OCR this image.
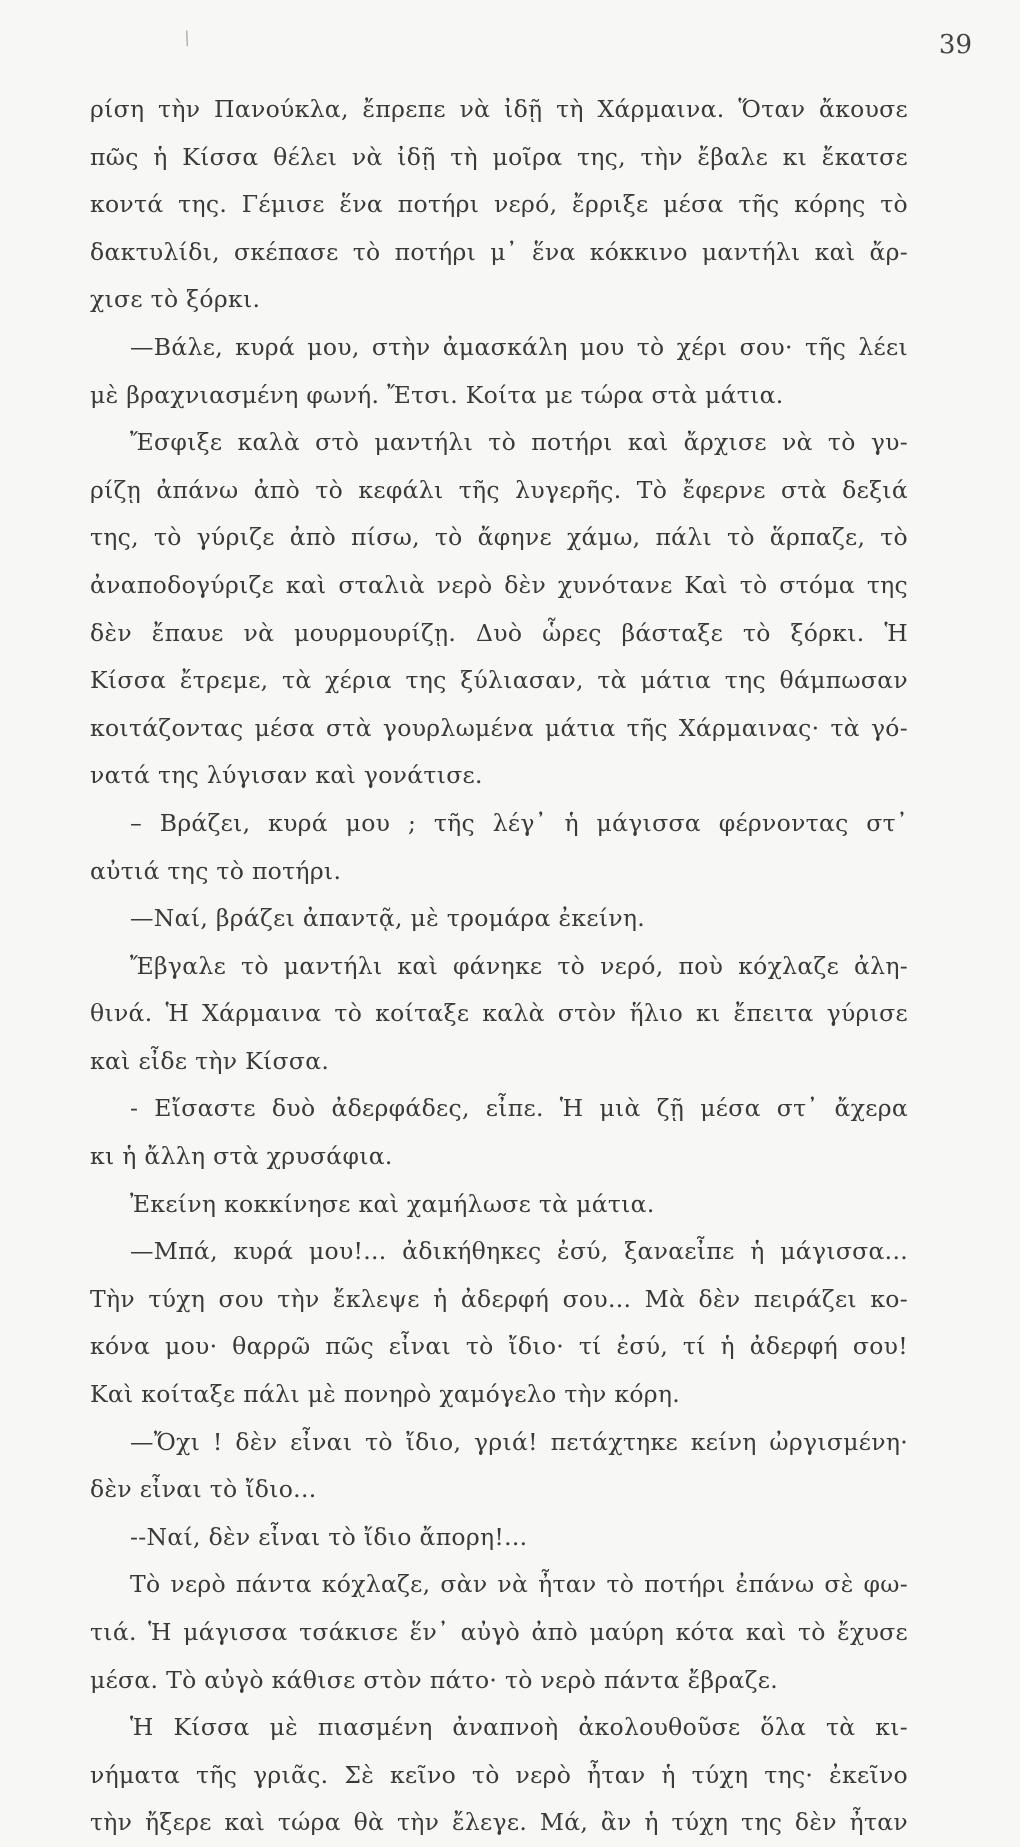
/	39
ρίση τὴν Πανούκλα, ἔπρεπε νὰ ἰδῇ τὴ Χάρμαινα. Ὅταν ἄκουσε
πῶς ἡ Κίσσα θέλει νὰ ἰδῇ τὴ μοῖρα της, τὴν ἔβαλε κι ἔκατσε
κοντά της. Γέμισε ἕνα ποτήρι νερό, ἔρριξε μέσα τῆς κόρης τὸ
δακτυλίδι, σκέπασε τὸ ποτήρι μ᾽ ἕνα κόκκινο μαντήλι καὶ ἄρ-
χισε τὸ ξόρκι.
—Βάλε, κυρά μου, στὴν ἀμασκάλη μου τὸ χέρι σου· τῆς λέει
μὲ βραχνιασμένη φωνή. Ἔτσι. Κοίτα με τώρα στὰ μάτια.
Ἔσφιξε καλὰ στὸ μαντήλι τὸ ποτήρι καὶ ἄρχισε νὰ τὸ γυ-
ρίζῃ ἀπάνω ἀπὸ τὸ κεφάλι τῆς λυγερῆς. Τὸ ἔφερνε στὰ δεξιά
της, τὸ γύριζε ἀπὸ πίσω, τὸ ἄφηνε χάμω, πάλι τὸ ἅρπαζε, τὸ
ἀναποδογύριζε καὶ σταλιὰ νερὸ δὲν χυνότανε Καὶ τὸ στόμα της
δὲν ἔπαυε νὰ μουρμουρίζῃ. Δυὸ ὧρες βάσταξε τὸ ξόρκι. Ἡ
Κίσσα ἔτρεμε, τὰ χέρια της ξύλιασαν, τὰ μάτια της θάμπωσαν
κοιτάζοντας μέσα στὰ γουρλωμένα μάτια τῆς Χάρμαινας· τὰ γό-
νατά της λύγισαν καὶ γονάτισε.
– Βράζει, κυρά μου ; τῆς λέγ᾽ ἡ μάγισσα φέρνοντας στ᾽
αὐτιά της τὸ ποτήρι.
—Ναί, βράζει ἀπαντᾷ, μὲ τρομάρα ἐκείνη.
Ἔβγαλε τὸ μαντήλι καὶ φάνηκε τὸ νερό, ποὺ κόχλαζε ἀλη-
θινά. Ἡ Χάρμαινα τὸ κοίταξε καλὰ στὸν ἥλιο κι ἔπειτα γύρισε
καὶ εἶδε τὴν Κίσσα.
- Εἴσαστε δυὸ ἀδερφάδες, εἶπε. Ἡ μιὰ ζῇ μέσα στ᾽ ἄχερα
κι ἡ ἄλλη στὰ χρυσάφια.
Ἐκείνη κοκκίνησε καὶ χαμήλωσε τὰ μάτια.
—Μπά, κυρά μου!... ἀδικήθηκες ἐσύ, ξαναεἶπε ἡ μάγισσα...
Τὴν τύχη σου τὴν ἔκλεψε ἡ ἀδερφή σου... Μὰ δὲν πειράζει κο-
κόνα μου· θαρρῶ πῶς εἶναι τὸ ἴδιο· τί ἐσύ, τί ἡ ἀδερφή σου!
Καὶ κοίταξε πάλι μὲ πονηρὸ χαμόγελο τὴν κόρη.
—Ὄχι ! δὲν εἶναι τὸ ἴδιο, γριά! πετάχτηκε κείνη ὠργισμένη·
δὲν εἶναι τὸ ἴδιο...
--Ναί, δὲν εἶναι τὸ ἴδιο ἄπορη!...
Τὸ νερὸ πάντα κόχλαζε, σὰν νὰ ἦταν τὸ ποτήρι ἐπάνω σὲ φω-
τιά. Ἡ μάγισσα τσάκισε ἕν᾽ αὐγὸ ἀπὸ μαύρη κότα καὶ τὸ ἔχυσε
μέσα. Τὸ αὐγὸ κάθισε στὸν πάτο· τὸ νερὸ πάντα ἔβραζε.
Ἡ Κίσσα μὲ πιασμένη ἀναπνοὴ ἀκολουθοῦσε ὅλα τὰ κι-
νήματα τῆς γριᾶς. Σὲ κεῖνο τὸ νερὸ ἦταν ἡ τύχη της· ἐκεῖνο
τὴν ἤξερε καὶ τώρα θὰ τὴν ἔλεγε. Μά, ἂν ἡ τύχη της δὲν ἦταν
